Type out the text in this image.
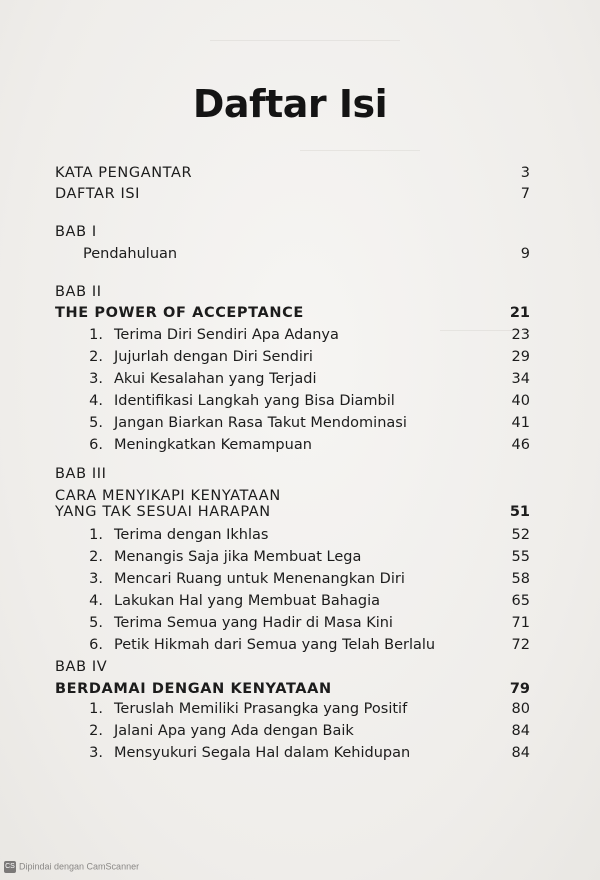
Daftar Isi
KATA PENGANTAR	3
DAFTAR ISI	7
BAB I
Pendahuluan	9
BAB II
THE POWER OF ACCEPTANCE	21
1. Terima Diri Sendiri Apa Adanya	23
2. Jujurlah dengan Diri Sendiri	29
3. Akui Kesalahan yang Terjadi	34
4. Identifikasi Langkah yang Bisa Diambil	40
5. Jangan Biarkan Rasa Takut Mendominasi	41
6. Meningkatkan Kemampuan	46
BAB III
CARA MENYIKAPI KENYATAAN
YANG TAK SESUAI HARAPAN	51
1. Terima dengan Ikhlas	52
2. Menangis Saja jika Membuat Lega	55
3. Mencari Ruang untuk Menenangkan Diri	58
4. Lakukan Hal yang Membuat Bahagia	65
5. Terima Semua yang Hadir di Masa Kini	71
6. Petik Hikmah dari Semua yang Telah Berlalu	72
BAB IV
BERDAMAI DENGAN KENYATAAN	79
1. Teruslah Memiliki Prasangka yang Positif	80
2. Jalani Apa yang Ada dengan Baik	84
3. Mensyukuri Segala Hal dalam Kehidupan	84
CS Dipindai dengan CamScanner
